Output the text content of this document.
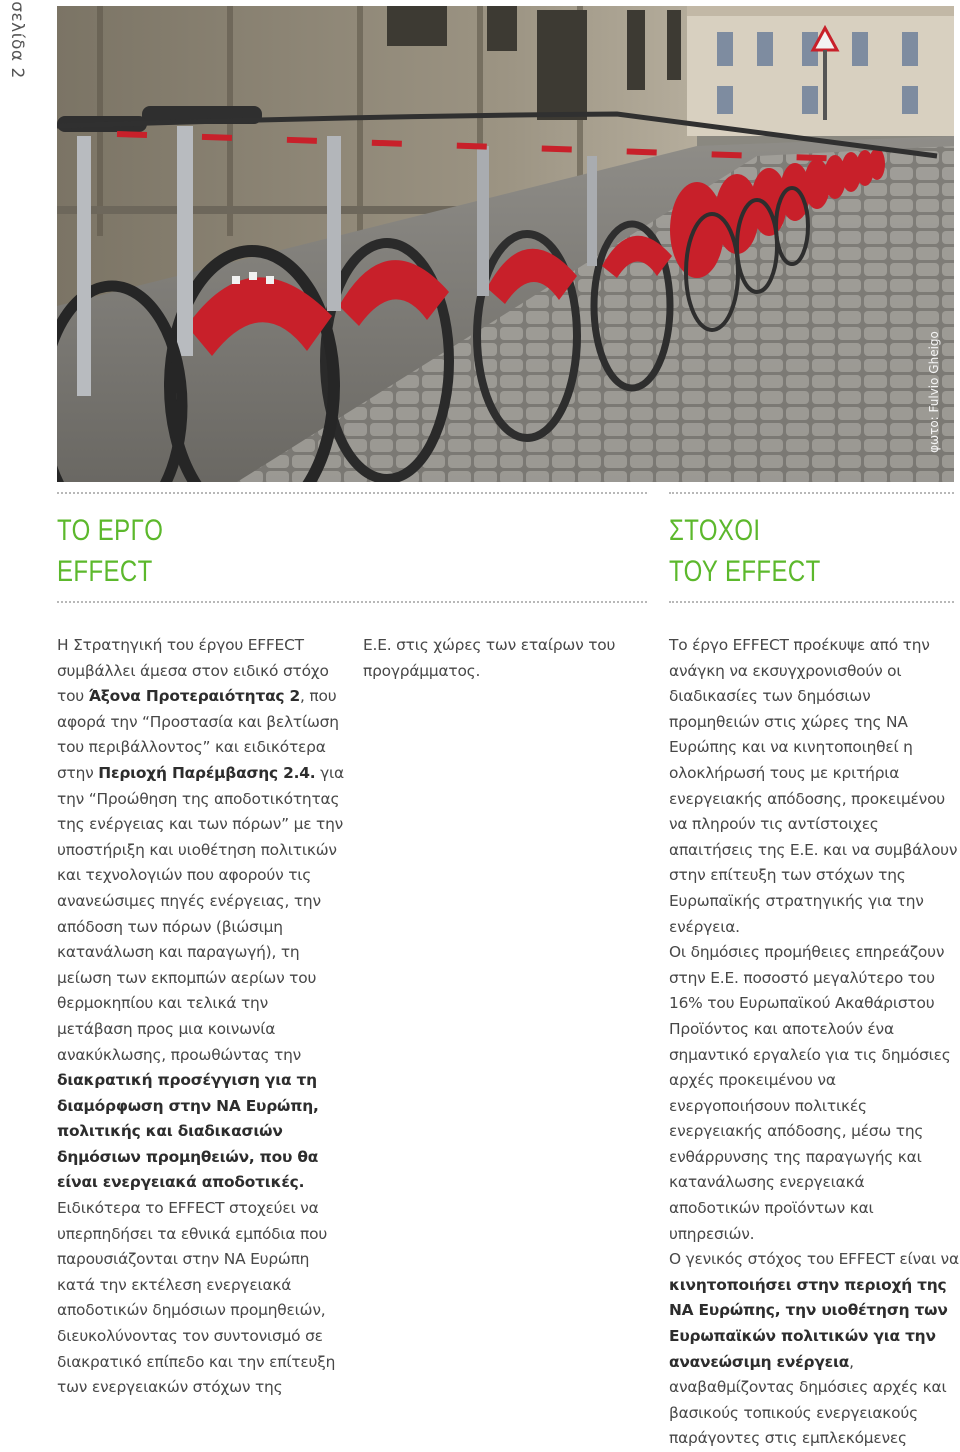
σελίδα 2
φωτο: Fulvio Gheigo
ΤΟ ΕΡΓΟ
EFFECT
ΣΤΟΧΟΙ
ΤΟΥ EFFECT

Η Στρατηγική του έργου EFFECT συμβάλλει άμεσα στον ειδικό στόχο του Άξονα Προτεραιότητας 2, που αφορά την “Προστασία και βελτίωση του περιβάλλοντος” και ειδικότερα στην Περιοχή Παρέμβασης 2.4. για την “Προώθηση της αποδοτικότητας της ενέργειας και των πόρων” με την υποστήριξη και υιοθέτηση πολιτικών και τεχνολογιών που αφορούν τις ανανεώσιμες πηγές ενέργειας, την απόδοση των πόρων (βιώσιμη κατανάλωση και παραγωγή), τη μείωση των εκπομπών αερίων του θερμοκηπίου και τελικά την μετάβαση προς μια κοινωνία ανακύκλωσης, προωθώντας την διακρατική προσέγγιση για τη διαμόρφωση στην ΝΑ Ευρώπη, πολιτικής και διαδικασιών δημόσιων προμηθειών, που θα είναι ενεργειακά αποδοτικές.

Ειδικότερα το EFFECT στοχεύει να υπερπηδήσει τα εθνικά εμπόδια που παρουσιάζονται στην ΝΑ Ευρώπη κατά την εκτέλεση ενεργειακά αποδοτικών δημόσιων προμηθειών, διευκολύνοντας τον συντονισμό σε διακρατικό επίπεδο και την επίτευξη των ενεργειακών στόχων της

Ε.Ε. στις χώρες των εταίρων του προγράμματος.

Το έργο EFFECT προέκυψε από την ανάγκη να εκσυγχρονισθούν οι διαδικασίες των δημόσιων προμηθειών στις χώρες της ΝΑ Ευρώπης και να κινητοποιηθεί η ολοκλήρωσή τους με κριτήρια ενεργειακής απόδοσης, προκειμένου να πληρούν τις αντίστοιχες απαιτήσεις της Ε.Ε. και να συμβάλουν στην επίτευξη των στόχων της Ευρωπαϊκής στρατηγικής για την ενέργεια.

Οι δημόσιες προμήθειες επηρεάζουν στην Ε.Ε. ποσοστό μεγαλύτερο του 16% του Ευρωπαϊκού Ακαθάριστου Προϊόντος και αποτελούν ένα σημαντικό εργαλείο για τις δημόσιες αρχές προκειμένου να ενεργοποιήσουν πολιτικές ενεργειακής απόδοσης, μέσω της ενθάρρυνσης της παραγωγής και κατανάλωσης ενεργειακά αποδοτικών προϊόντων και υπηρεσιών.

Ο γενικός στόχος του EFFECT είναι να κινητοποιήσει στην περιοχή της ΝΑ Ευρώπης, την υιοθέτηση των Ευρωπαϊκών πολιτικών για την ανανεώσιμη ενέργεια, αναβαθμίζοντας δημόσιες αρχές και βασικούς τοπικούς ενεργειακούς παράγοντες στις εμπλεκόμενες
